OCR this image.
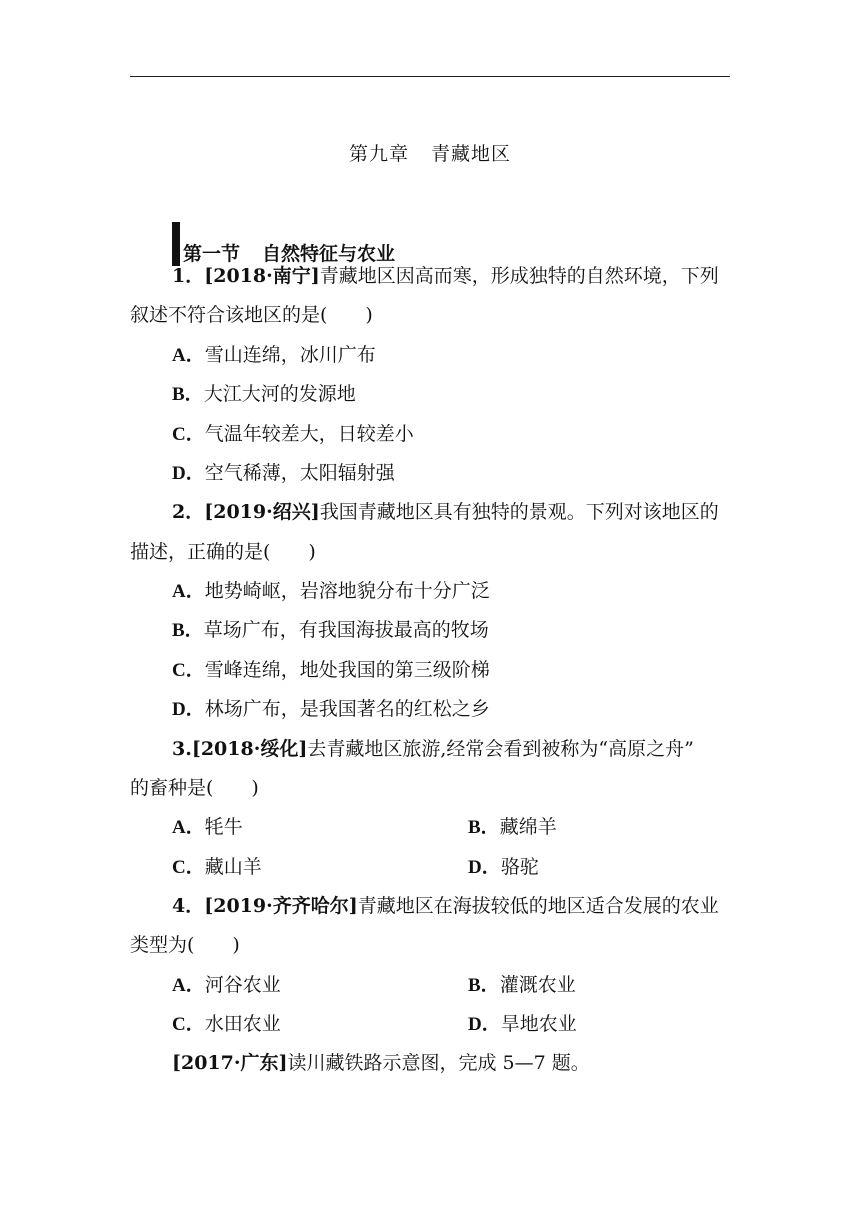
第九章 青藏地区
第一节 自然特征与农业
1．[2018·南宁]青藏地区因高而寒，形成独特的自然环境，下列
叙述不符合该地区的是(　　)
A．雪山连绵，冰川广布
B．大江大河的发源地
C．气温年较差大，日较差小
D．空气稀薄，太阳辐射强
2．[2019·绍兴]我国青藏地区具有独特的景观。下列对该地区的
描述，正确的是(　　)
A．地势崎岖，岩溶地貌分布十分广泛
B．草场广布，有我国海拔最高的牧场
C．雪峰连绵，地处我国的第三级阶梯
D．林场广布，是我国著名的红松之乡
3.[2018·绥化]去青藏地区旅游,经常会看到被称为“高原之舟”
的畜种是(　　)
A．牦牛	B．藏绵羊
C．藏山羊	D．骆驼
4．[2019·齐齐哈尔]青藏地区在海拔较低的地区适合发展的农业
类型为(　　)
A．河谷农业	B．灌溉农业
C．水田农业	D．旱地农业
[2017·广东]读川藏铁路示意图，完成 5—7 题。
